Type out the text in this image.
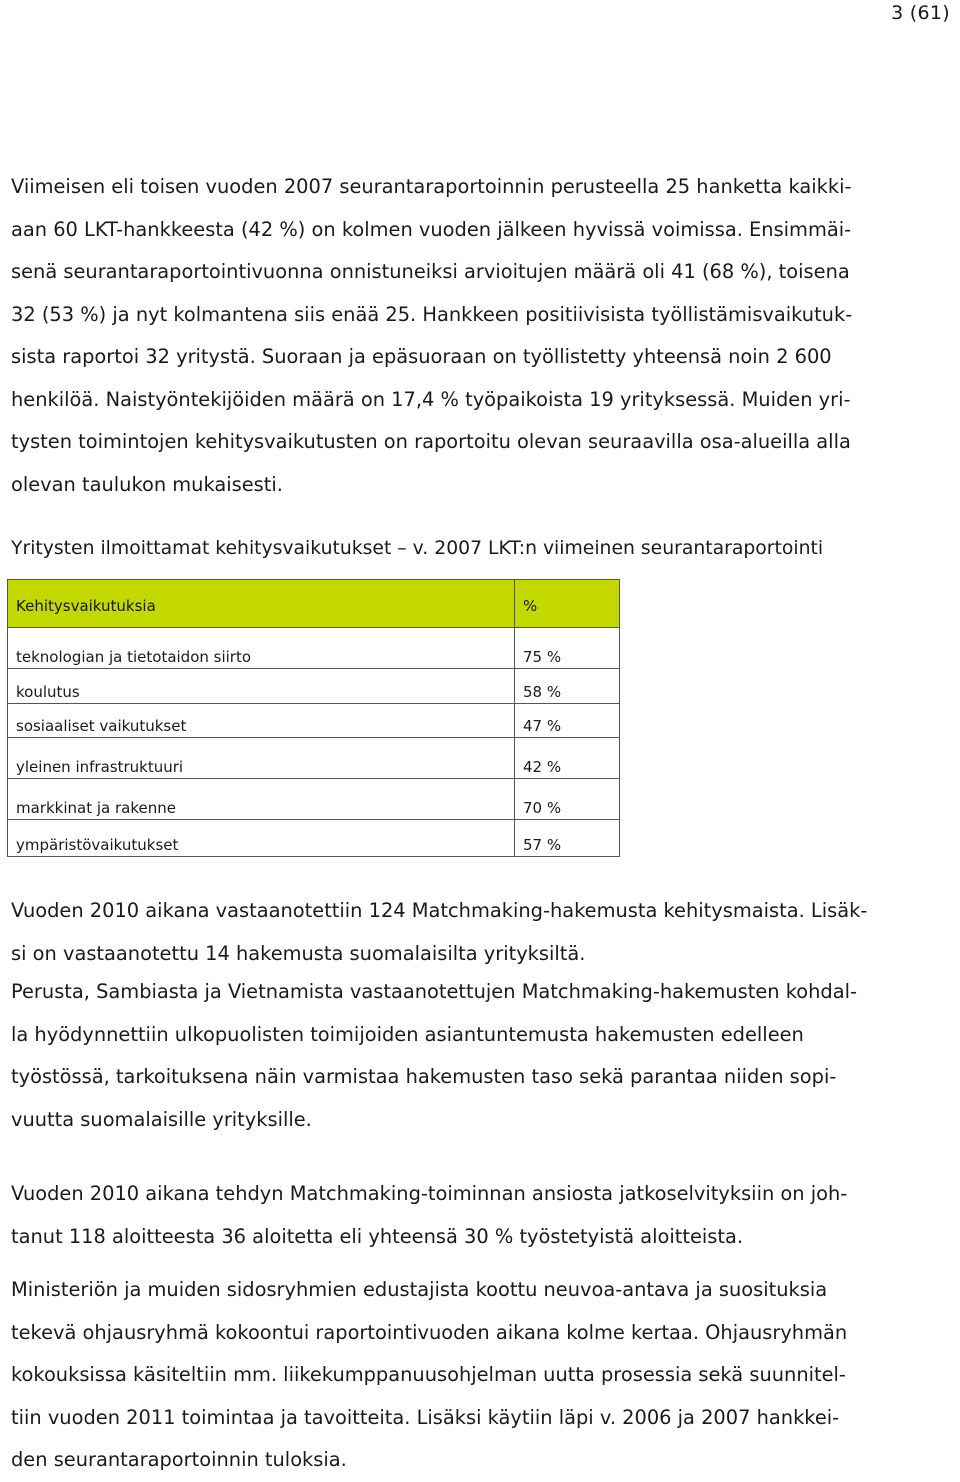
3 (61)

Viimeisen eli toisen vuoden 2007 seurantaraportoinnin perusteella 25 hanketta kaikki-
aan 60 LKT-hankkeesta (42 %) on kolmen vuoden jälkeen hyvissä voimissa. Ensimmäi-
senä seurantaraportointivuonna onnistuneiksi arvioitujen määrä oli 41 (68 %), toisena
32 (53 %) ja nyt kolmantena siis enää 25. Hankkeen positiivisista työllistämisvaikutuk-
sista raportoi 32 yritystä. Suoraan ja epäsuoraan on työllistetty yhteensä noin 2 600
henkilöä. Naistyöntekijöiden määrä on 17,4 % työpaikoista 19 yrityksessä. Muiden yri-
tysten toimintojen kehitysvaikutusten on raportoitu olevan seuraavilla osa-alueilla alla
olevan taulukon mukaisesti.

Yritysten ilmoittamat kehitysvaikutukset – v. 2007 LKT:n viimeinen seurantaraportointi
Kehitysvaikutuksia	%
teknologian ja tietotaidon siirto	75 %
koulutus	58 %
sosiaaliset vaikutukset	47 %
yleinen infrastruktuuri	42 %
markkinat ja rakenne	70 %
ympäristövaikutukset	57 %

Vuoden 2010 aikana vastaanotettiin 124 Matchmaking-hakemusta kehitysmaista. Lisäk-
si on vastaanotettu 14 hakemusta suomalaisilta yrityksiltä.

Perusta, Sambiasta ja Vietnamista vastaanotettujen Matchmaking-hakemusten kohdal-
la hyödynnettiin ulkopuolisten toimijoiden asiantuntemusta hakemusten edelleen
työstössä, tarkoituksena näin varmistaa hakemusten taso sekä parantaa niiden sopi-
vuutta suomalaisille yrityksille.

Vuoden 2010 aikana tehdyn Matchmaking-toiminnan ansiosta jatkoselvityksiin on joh-
tanut 118 aloitteesta 36 aloitetta eli yhteensä 30 % työstetyistä aloitteista.

Ministeriön ja muiden sidosryhmien edustajista koottu neuvoa-antava ja suosituksia
tekevä ohjausryhmä kokoontui raportointivuoden aikana kolme kertaa. Ohjausryhmän
kokouksissa käsiteltiin mm. liikekumppanuusohjelman uutta prosessia sekä suunnitel-
tiin vuoden 2011 toimintaa ja tavoitteita. Lisäksi käytiin läpi v. 2006 ja 2007 hankkei-
den seurantaraportoinnin tuloksia.
